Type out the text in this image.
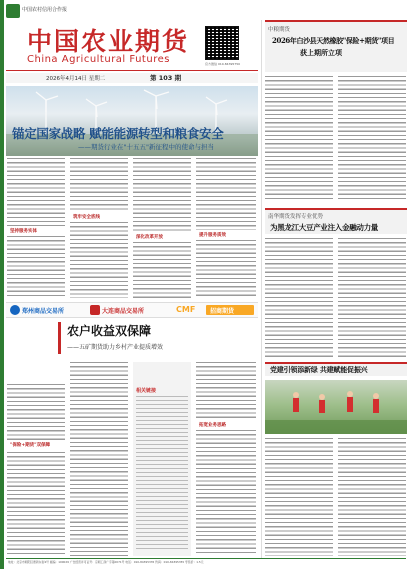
中国农村信用合作报
中国农业期货
China Agricultural Futures	官方微信 010-84395750
2026年4月14日 星期二	第 103 期
锚定国家战略 赋能能源转型和粮食安全
——期货行业在"十五五"新征程中的使命与担当
坚持服务实体
筑牢安全底线
深化改革开放	提升服务质效
郑州商品交易所	大连商品交易所	CMF 招商期货
农户收益双保障
——五矿期货助力乡村产业提质增效
"保险+期货"双保障
相关链接
拓宽业务思路
中粮期货
2026年白沙县天然橡胶"保险+期货"项目
获上期所立项
南华期货发挥专业优势
为黑龙江大豆产业注入金融动力量
党建引领添新绿 共建赋能促振兴
地址：北京市朝阳区惠新东街4号 邮编：100029 广告经营许可证号：京朝工商广字第0071号 电话：010-84395335 传真：010-84395355 零售价：1.5元
